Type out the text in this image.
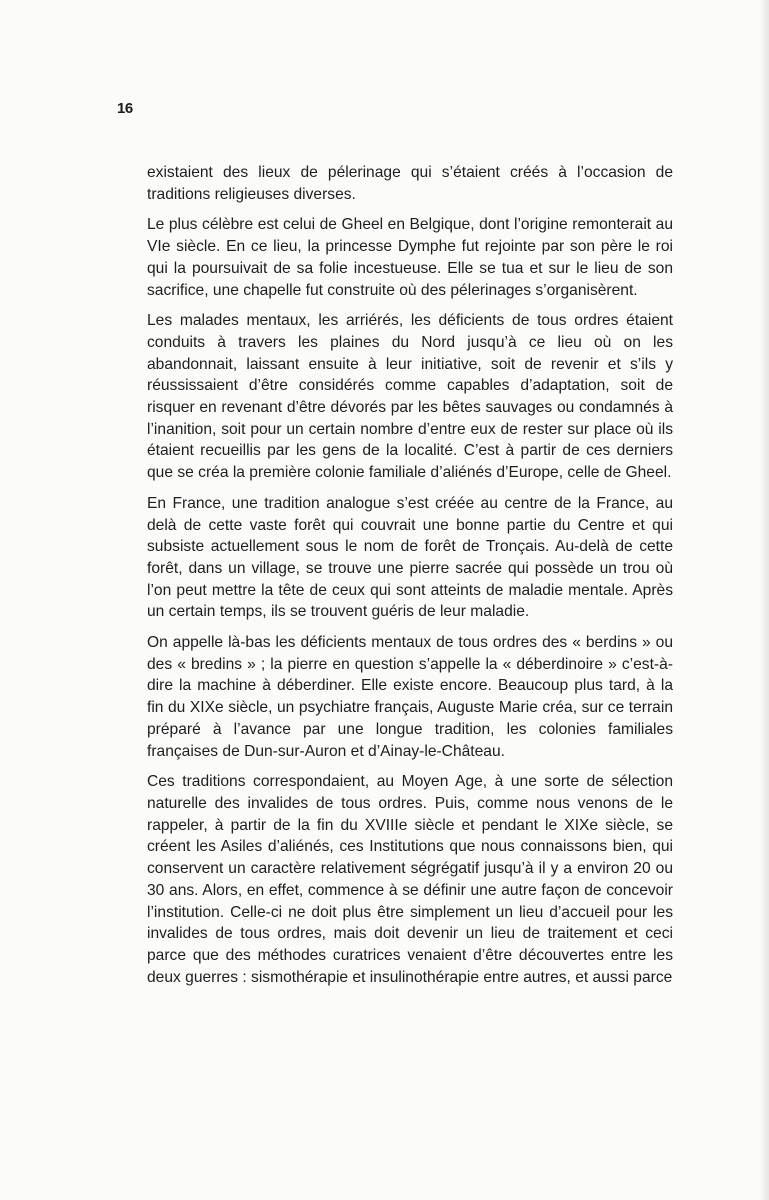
16

existaient des lieux de pélerinage qui s’étaient créés à l’occasion de traditions religieuses diverses.

Le plus célèbre est celui de Gheel en Belgique, dont l’origine remonterait au VIe siècle. En ce lieu, la princesse Dymphe fut rejointe par son père le roi qui la poursuivait de sa folie incestueuse. Elle se tua et sur le lieu de son sacrifice, une chapelle fut construite où des pélerinages s’organisèrent.

Les malades mentaux, les arriérés, les déficients de tous ordres étaient conduits à travers les plaines du Nord jusqu’à ce lieu où on les abandonnait, laissant ensuite à leur initiative, soit de revenir et s’ils y réussissaient d’être considérés comme capables d’adaptation, soit de risquer en revenant d’être dévorés par les bêtes sauvages ou condamnés à l’inanition, soit pour un certain nombre d’entre eux de rester sur place où ils étaient recueillis par les gens de la localité. C’est à partir de ces derniers que se créa la première colonie familiale d’aliénés d’Europe, celle de Gheel.

En France, une tradition analogue s’est créée au centre de la France, au delà de cette vaste forêt qui couvrait une bonne partie du Centre et qui subsiste actuellement sous le nom de forêt de Tronçais. Au-delà de cette forêt, dans un village, se trouve une pierre sacrée qui possède un trou où l’on peut mettre la tête de ceux qui sont atteints de maladie mentale. Après un certain temps, ils se trouvent guéris de leur maladie.

On appelle là-bas les déficients mentaux de tous ordres des « berdins » ou des « bredins » ; la pierre en question s’appelle la « déberdinoire » c’est-à-dire la machine à déberdiner. Elle existe encore. Beaucoup plus tard, à la fin du XIXe siècle, un psychiatre français, Auguste Marie créa, sur ce terrain préparé à l’avance par une longue tradition, les colonies familiales françaises de Dun-sur-Auron et d’Ainay-le-Château.

Ces traditions correspondaient, au Moyen Age, à une sorte de sélection naturelle des invalides de tous ordres. Puis, comme nous venons de le rappeler, à partir de la fin du XVIIIe siècle et pendant le XIXe siècle, se créent les Asiles d’aliénés, ces Institutions que nous connaissons bien, qui conservent un caractère relativement ségrégatif jusqu’à il y a environ 20 ou 30 ans. Alors, en effet, commence à se définir une autre façon de concevoir l’institution. Celle-ci ne doit plus être simplement un lieu d’accueil pour les invalides de tous ordres, mais doit devenir un lieu de traitement et ceci parce que des méthodes curatrices venaient d’être découvertes entre les deux guerres : sismothérapie et insulinothérapie entre autres, et aussi parce
